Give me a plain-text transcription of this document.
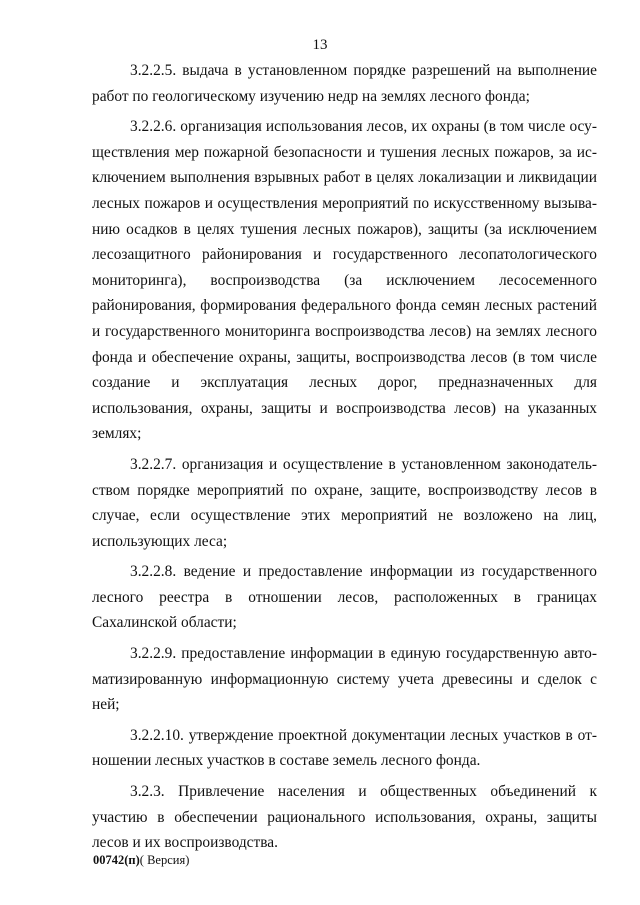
13

3.2.2.5. выдача в установленном порядке разрешений на выполнение работ по геологическому изучению недр на землях лесного фонда;

3.2.2.6. организация использования лесов, их охраны (в том числе осуществления мер пожарной безопасности и тушения лесных пожаров, за исключением выполнения взрывных работ в целях локализации и ликвидации лесных пожаров и осуществления мероприятий по искусственному вызыванию осадков в целях тушения лесных пожаров), защиты (за исключением лесозащитного районирования и государственного лесопатологического мониторинга), воспроизводства (за исключением лесосеменного районирования, формирования федерального фонда семян лесных растений и государственного мониторинга воспроизводства лесов) на землях лесного фонда и обеспечение охраны, защиты, воспроизводства лесов (в том числе создание и эксплуатация лесных дорог, предназначенных для использования, охраны, защиты и воспроизводства лесов) на указанных землях;

3.2.2.7. организация и осуществление в установленном законодательством порядке мероприятий по охране, защите, воспроизводству лесов в случае, если осуществление этих мероприятий не возложено на лиц, использующих леса;

3.2.2.8. ведение и предоставление информации из государственного лесного реестра в отношении лесов, расположенных в границах Сахалинской области;

3.2.2.9. предоставление информации в единую государственную автоматизированную информационную систему учета древесины и сделок с ней;

3.2.2.10. утверждение проектной документации лесных участков в отношении лесных участков в составе земель лесного фонда.

3.2.3. Привлечение населения и общественных объединений к участию в обеспечении рационального использования, охраны, защиты лесов и их воспроизводства.

00742(п)( Версия)
